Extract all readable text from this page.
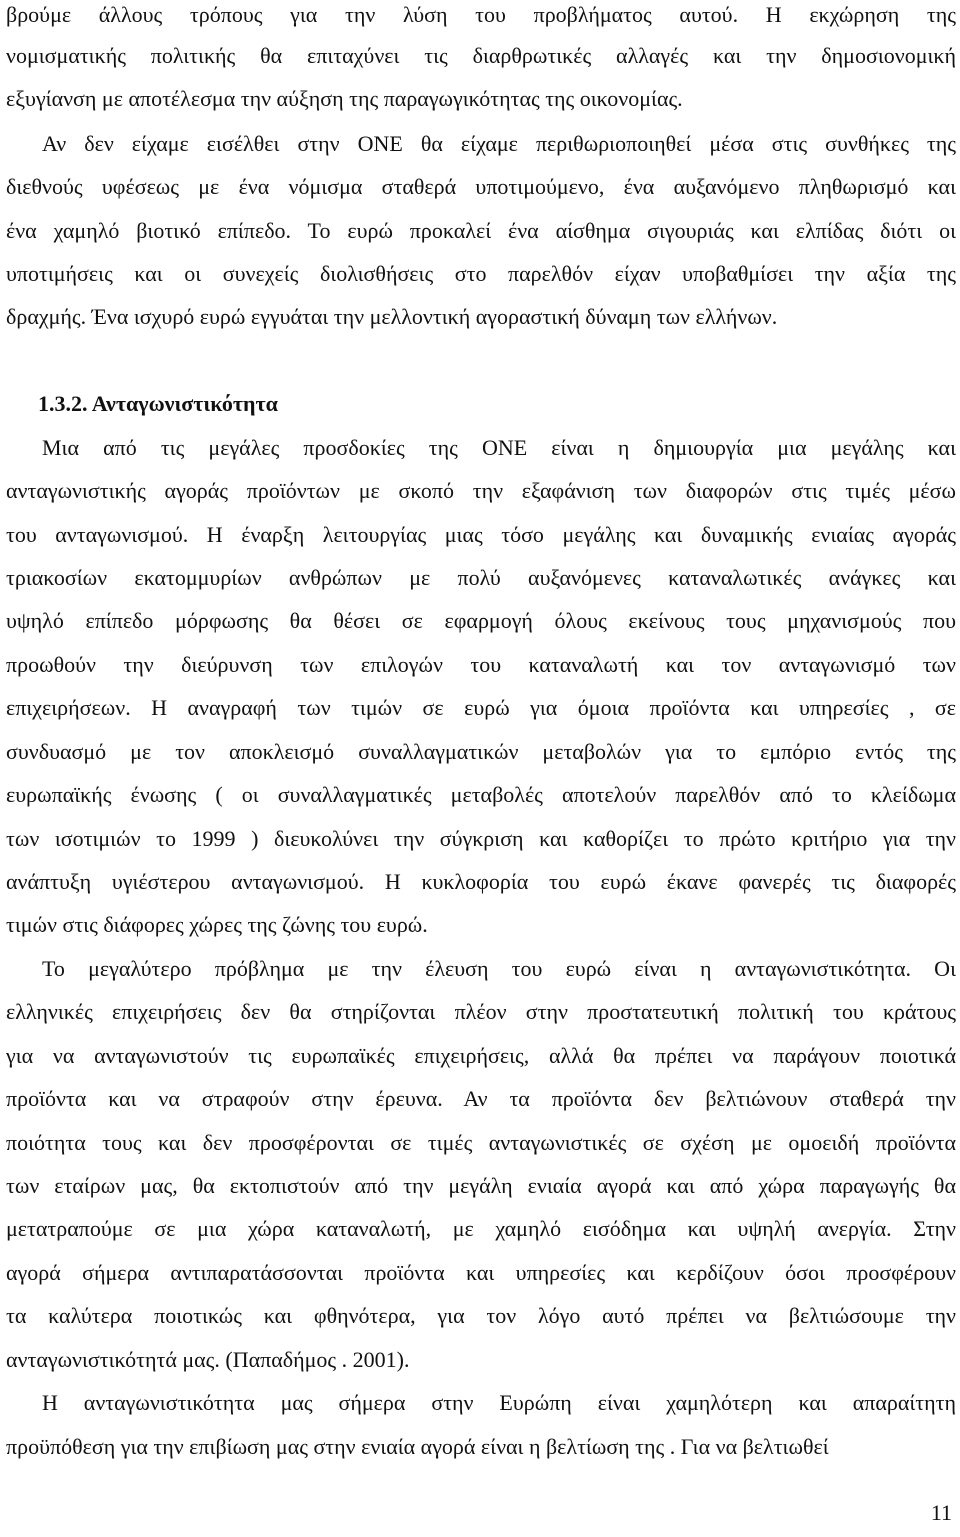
βρούμε άλλους τρόπους για την λύση του προβλήματος αυτού. Η εκχώρηση της
νομισματικής πολιτικής θα επιταχύνει τις διαρθρωτικές αλλαγές και την δημοσιονομική
εξυγίανση με αποτέλεσμα την αύξηση της παραγωγικότητας της οικονομίας.
Αν δεν είχαμε εισέλθει στην ΟΝΕ θα είχαμε περιθωριοποιηθεί μέσα στις συνθήκες της
διεθνούς υφέσεως με ένα νόμισμα σταθερά υποτιμούμενο, ένα αυξανόμενο πληθωρισμό και
ένα χαμηλό βιοτικό επίπεδο. Το ευρώ προκαλεί ένα αίσθημα σιγουριάς και ελπίδας διότι οι
υποτιμήσεις και οι συνεχείς διολισθήσεις στο παρελθόν είχαν υποβαθμίσει την αξία της
δραχμής. Ένα ισχυρό ευρώ εγγυάται την μελλοντική αγοραστική δύναμη των ελλήνων.
1.3.2. Ανταγωνιστικότητα
Μια από τις μεγάλες προσδοκίες της ΟΝΕ είναι η δημιουργία μια μεγάλης και
ανταγωνιστικής αγοράς προϊόντων με σκοπό την εξαφάνιση των διαφορών στις τιμές μέσω
του ανταγωνισμού. Η έναρξη λειτουργίας μιας τόσο μεγάλης και δυναμικής ενιαίας αγοράς
τριακοσίων εκατομμυρίων ανθρώπων με πολύ αυξανόμενες καταναλωτικές ανάγκες και
υψηλό επίπεδο μόρφωσης θα θέσει σε εφαρμογή όλους εκείνους τους μηχανισμούς που
προωθούν την διεύρυνση των επιλογών του καταναλωτή και τον ανταγωνισμό των
επιχειρήσεων. Η αναγραφή των τιμών σε ευρώ για όμοια προϊόντα και υπηρεσίες , σε
συνδυασμό με τον αποκλεισμό συναλλαγματικών μεταβολών για το εμπόριο εντός της
ευρωπαϊκής ένωσης ( οι συναλλαγματικές μεταβολές αποτελούν παρελθόν από το κλείδωμα
των ισοτιμιών το 1999 ) διευκολύνει την σύγκριση και καθορίζει το πρώτο κριτήριο για την
ανάπτυξη υγιέστερου ανταγωνισμού. Η κυκλοφορία του ευρώ έκανε φανερές τις διαφορές
τιμών στις διάφορες χώρες της ζώνης του ευρώ.
Το μεγαλύτερο πρόβλημα με την έλευση του ευρώ είναι η ανταγωνιστικότητα. Οι
ελληνικές επιχειρήσεις δεν θα στηρίζονται πλέον στην προστατευτική πολιτική του κράτους
για να ανταγωνιστούν τις ευρωπαϊκές επιχειρήσεις, αλλά θα πρέπει να παράγουν ποιοτικά
προϊόντα και να στραφούν στην έρευνα. Αν τα προϊόντα δεν βελτιώνουν σταθερά την
ποιότητα τους και δεν προσφέρονται σε τιμές ανταγωνιστικές σε σχέση με ομοειδή προϊόντα
των εταίρων μας, θα εκτοπιστούν από την μεγάλη ενιαία αγορά και από χώρα παραγωγής θα
μετατραπούμε σε μια χώρα καταναλωτή, με χαμηλό εισόδημα και υψηλή ανεργία. Στην
αγορά σήμερα αντιπαρατάσσονται προϊόντα και υπηρεσίες και κερδίζουν όσοι προσφέρουν
τα καλύτερα ποιοτικώς και φθηνότερα, για τον λόγο αυτό πρέπει να βελτιώσουμε την
ανταγωνιστικότητά μας. (Παπαδήμος . 2001).
Η ανταγωνιστικότητα μας σήμερα στην Ευρώπη είναι χαμηλότερη και απαραίτητη
προϋπόθεση για την επιβίωση μας στην ενιαία αγορά είναι η βελτίωση της . Για να βελτιωθεί
11
